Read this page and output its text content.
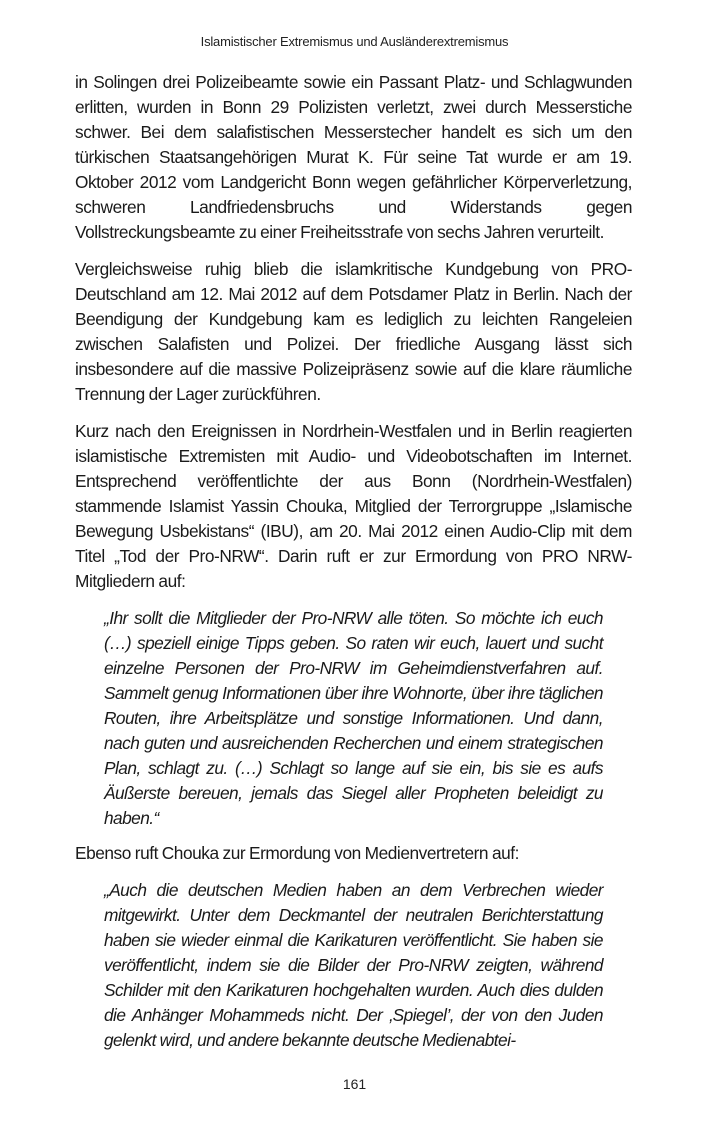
Islamistischer Extremismus und Ausländerextremismus

in Solingen drei Polizeibeamte sowie ein Passant Platz- und Schlagwunden erlitten, wurden in Bonn 29 Polizisten verletzt, zwei durch Messerstiche schwer. Bei dem salafistischen Messerstecher handelt es sich um den türkischen Staatsangehörigen Murat K. Für seine Tat wurde er am 19. Oktober 2012 vom Landgericht Bonn wegen gefährlicher Körperverletzung, schweren Landfriedensbruchs und Widerstands gegen Vollstreckungsbeamte zu einer Freiheitsstrafe von sechs Jahren verurteilt.

Vergleichsweise ruhig blieb die islamkritische Kundgebung von PRO-Deutschland am 12. Mai 2012 auf dem Potsdamer Platz in Berlin. Nach der Beendigung der Kundgebung kam es lediglich zu leichten Rangeleien zwischen Salafisten und Polizei. Der friedliche Ausgang lässt sich insbesondere auf die massive Polizeipräsenz sowie auf die klare räumliche Trennung der Lager zurückführen.

Kurz nach den Ereignissen in Nordrhein-Westfalen und in Berlin reagierten islamistische Extremisten mit Audio- und Videobotschaften im Internet. Entsprechend veröffentlichte der aus Bonn (Nordrhein-Westfalen) stammende Islamist Yassin Chouka, Mitglied der Terrorgruppe „Islamische Bewegung Usbekistans“ (IBU), am 20. Mai 2012 einen Audio-Clip mit dem Titel „Tod der Pro-NRW“. Darin ruft er zur Ermordung von PRO NRW-Mitgliedern auf:

„Ihr sollt die Mitglieder der Pro-NRW alle töten. So möchte ich euch (…) speziell einige Tipps geben. So raten wir euch, lauert und sucht einzelne Personen der Pro-NRW im Geheimdienstverfahren auf. Sammelt genug Informationen über ihre Wohnorte, über ihre täglichen Routen, ihre Arbeitsplätze und sonstige Informationen. Und dann, nach guten und ausreichenden Recherchen und einem strategischen Plan, schlagt zu. (…) Schlagt so lange auf sie ein, bis sie es aufs Äußerste bereuen, jemals das Siegel aller Propheten beleidigt zu haben.“

Ebenso ruft Chouka zur Ermordung von Medienvertretern auf:

„Auch die deutschen Medien haben an dem Verbrechen wieder mitgewirkt. Unter dem Deckmantel der neutralen Berichterstattung haben sie wieder einmal die Karikaturen veröffentlicht. Sie haben sie veröffentlicht, indem sie die Bilder der Pro-NRW zeigten, während Schilder mit den Karikaturen hochgehalten wurden. Auch dies dulden die Anhänger Mohammeds nicht. Der ‚Spiegel’, der von den Juden gelenkt wird, und andere bekannte deutsche Medienabtei-

161
